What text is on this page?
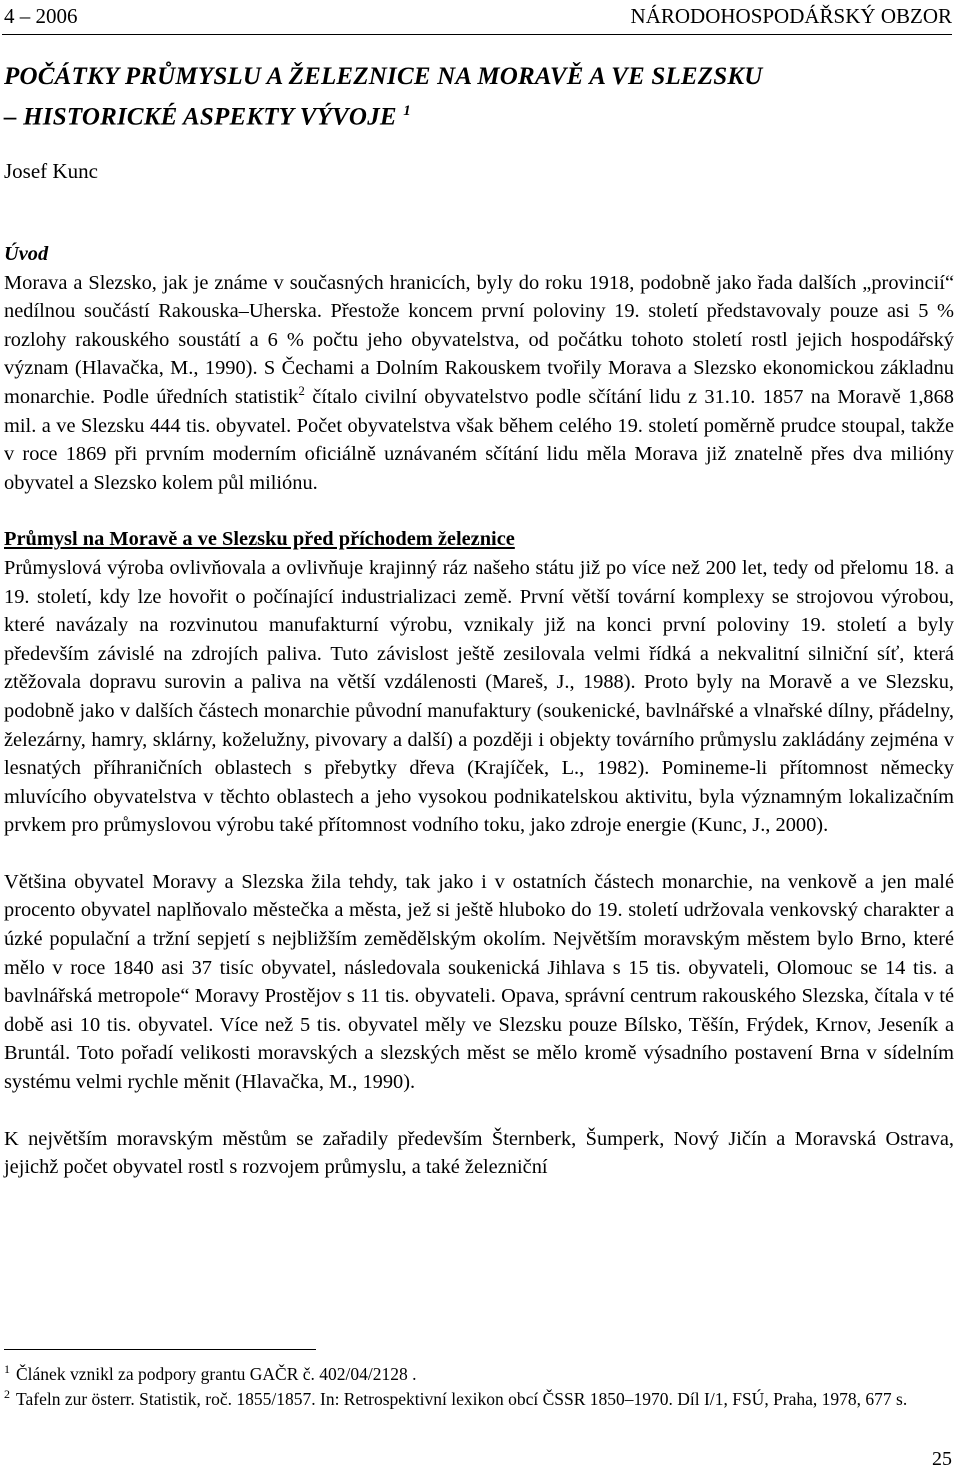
4 – 2006	NÁRODOHOSPODÁŘSKÝ OBZOR
POČÁTKY PRŮMYSLU A ŽELEZNICE NA MORAVĚ A VE SLEZSKU
– HISTORICKÉ ASPEKTY VÝVOJE $^1$
Josef Kunc

Úvod

Morava a Slezsko, jak je známe v současných hranicích, byly do roku 1918, podobně jako řada dalších „provincií“ nedílnou součástí Rakouska–Uherska. Přestože koncem první poloviny 19. století představovaly pouze asi 5 % rozlohy rakouského soustátí a 6 % počtu jeho obyvatelstva, od počátku tohoto století rostl jejich hospodářský význam (Hlavačka, M., 1990). S Čechami a Dolním Rakouskem tvořily Morava a Slezsko ekonomickou základnu monarchie. Podle úředních statistik$^2$ čítalo civilní obyvatelstvo podle sčítání lidu z 31.10. 1857 na Moravě 1,868 mil. a ve Slezsku 444 tis. obyvatel. Počet obyvatelstva však během celého 19. století poměrně prudce stoupal, takže v roce 1869 při prvním moderním oficiálně uznávaném sčítání lidu měla Morava již znatelně přes dva milióny obyvatel a Slezsko kolem půl miliónu.

Průmysl na Moravě a ve Slezsku před příchodem železnice

Průmyslová výroba ovlivňovala a ovlivňuje krajinný ráz našeho státu již po více než 200 let, tedy od přelomu 18. a 19. století, kdy lze hovořit o počínající industrializaci země. První větší tovární komplexy se strojovou výrobou, které navázaly na rozvinutou manufakturní výrobu, vznikaly již na konci první poloviny 19. století a byly především závislé na zdrojích paliva. Tuto závislost ještě zesilovala velmi řídká a nekvalitní silniční síť, která ztěžovala dopravu surovin a paliva na větší vzdálenosti (Mareš, J., 1988). Proto byly na Moravě a ve Slezsku, podobně jako v dalších částech monarchie původní manufaktury (soukenické, bavlnářské a vlnařské dílny, přádelny, železárny, hamry, sklárny, koželužny, pivovary a další) a později i objekty továrního průmyslu zakládány zejména v lesnatých příhraničních oblastech s přebytky dřeva (Krajíček, L., 1982). Pomineme-li přítomnost německy mluvícího obyvatelstva v těchto oblastech a jeho vysokou podnikatelskou aktivitu, byla významným lokalizačním prvkem pro průmyslovou výrobu také přítomnost vodního toku, jako zdroje energie (Kunc, J., 2000).

Většina obyvatel Moravy a Slezska žila tehdy, tak jako i v ostatních částech monarchie, na venkově a jen malé procento obyvatel naplňovalo městečka a města, jež si ještě hluboko do 19. století udržovala venkovský charakter a úzké populační a tržní sepjetí s nejbližším zemědělským okolím. Největším moravským městem bylo Brno, které mělo v roce 1840 asi 37 tisíc obyvatel, následovala soukenická Jihlava s 15 tis. obyvateli, Olomouc se 14 tis. a bavlnářská metropole“ Moravy Prostějov s 11 tis. obyvateli. Opava, správní centrum rakouského Slezska, čítala v té době asi 10 tis. obyvatel. Více než 5 tis. obyvatel měly ve Slezsku pouze Bílsko, Těšín, Frýdek, Krnov, Jeseník a Bruntál. Toto pořadí velikosti moravských a slezských měst se mělo kromě výsadního postavení Brna v sídelním systému velmi rychle měnit (Hlavačka, M., 1990).

K největším moravským městům se zařadily především Šternberk, Šumperk, Nový Jičín a Moravská Ostrava, jejichž počet obyvatel rostl s rozvojem průmyslu, a také železniční

$^1$ Článek vznikl za podpory grantu GAČR č. 402/04/2128 .

$^2$ Tafeln zur österr. Statistik, roč. 1855/1857. In: Retrospektivní lexikon obcí ČSSR 1850–1970. Díl I/1, FSÚ, Praha, 1978, 677 s.

25
